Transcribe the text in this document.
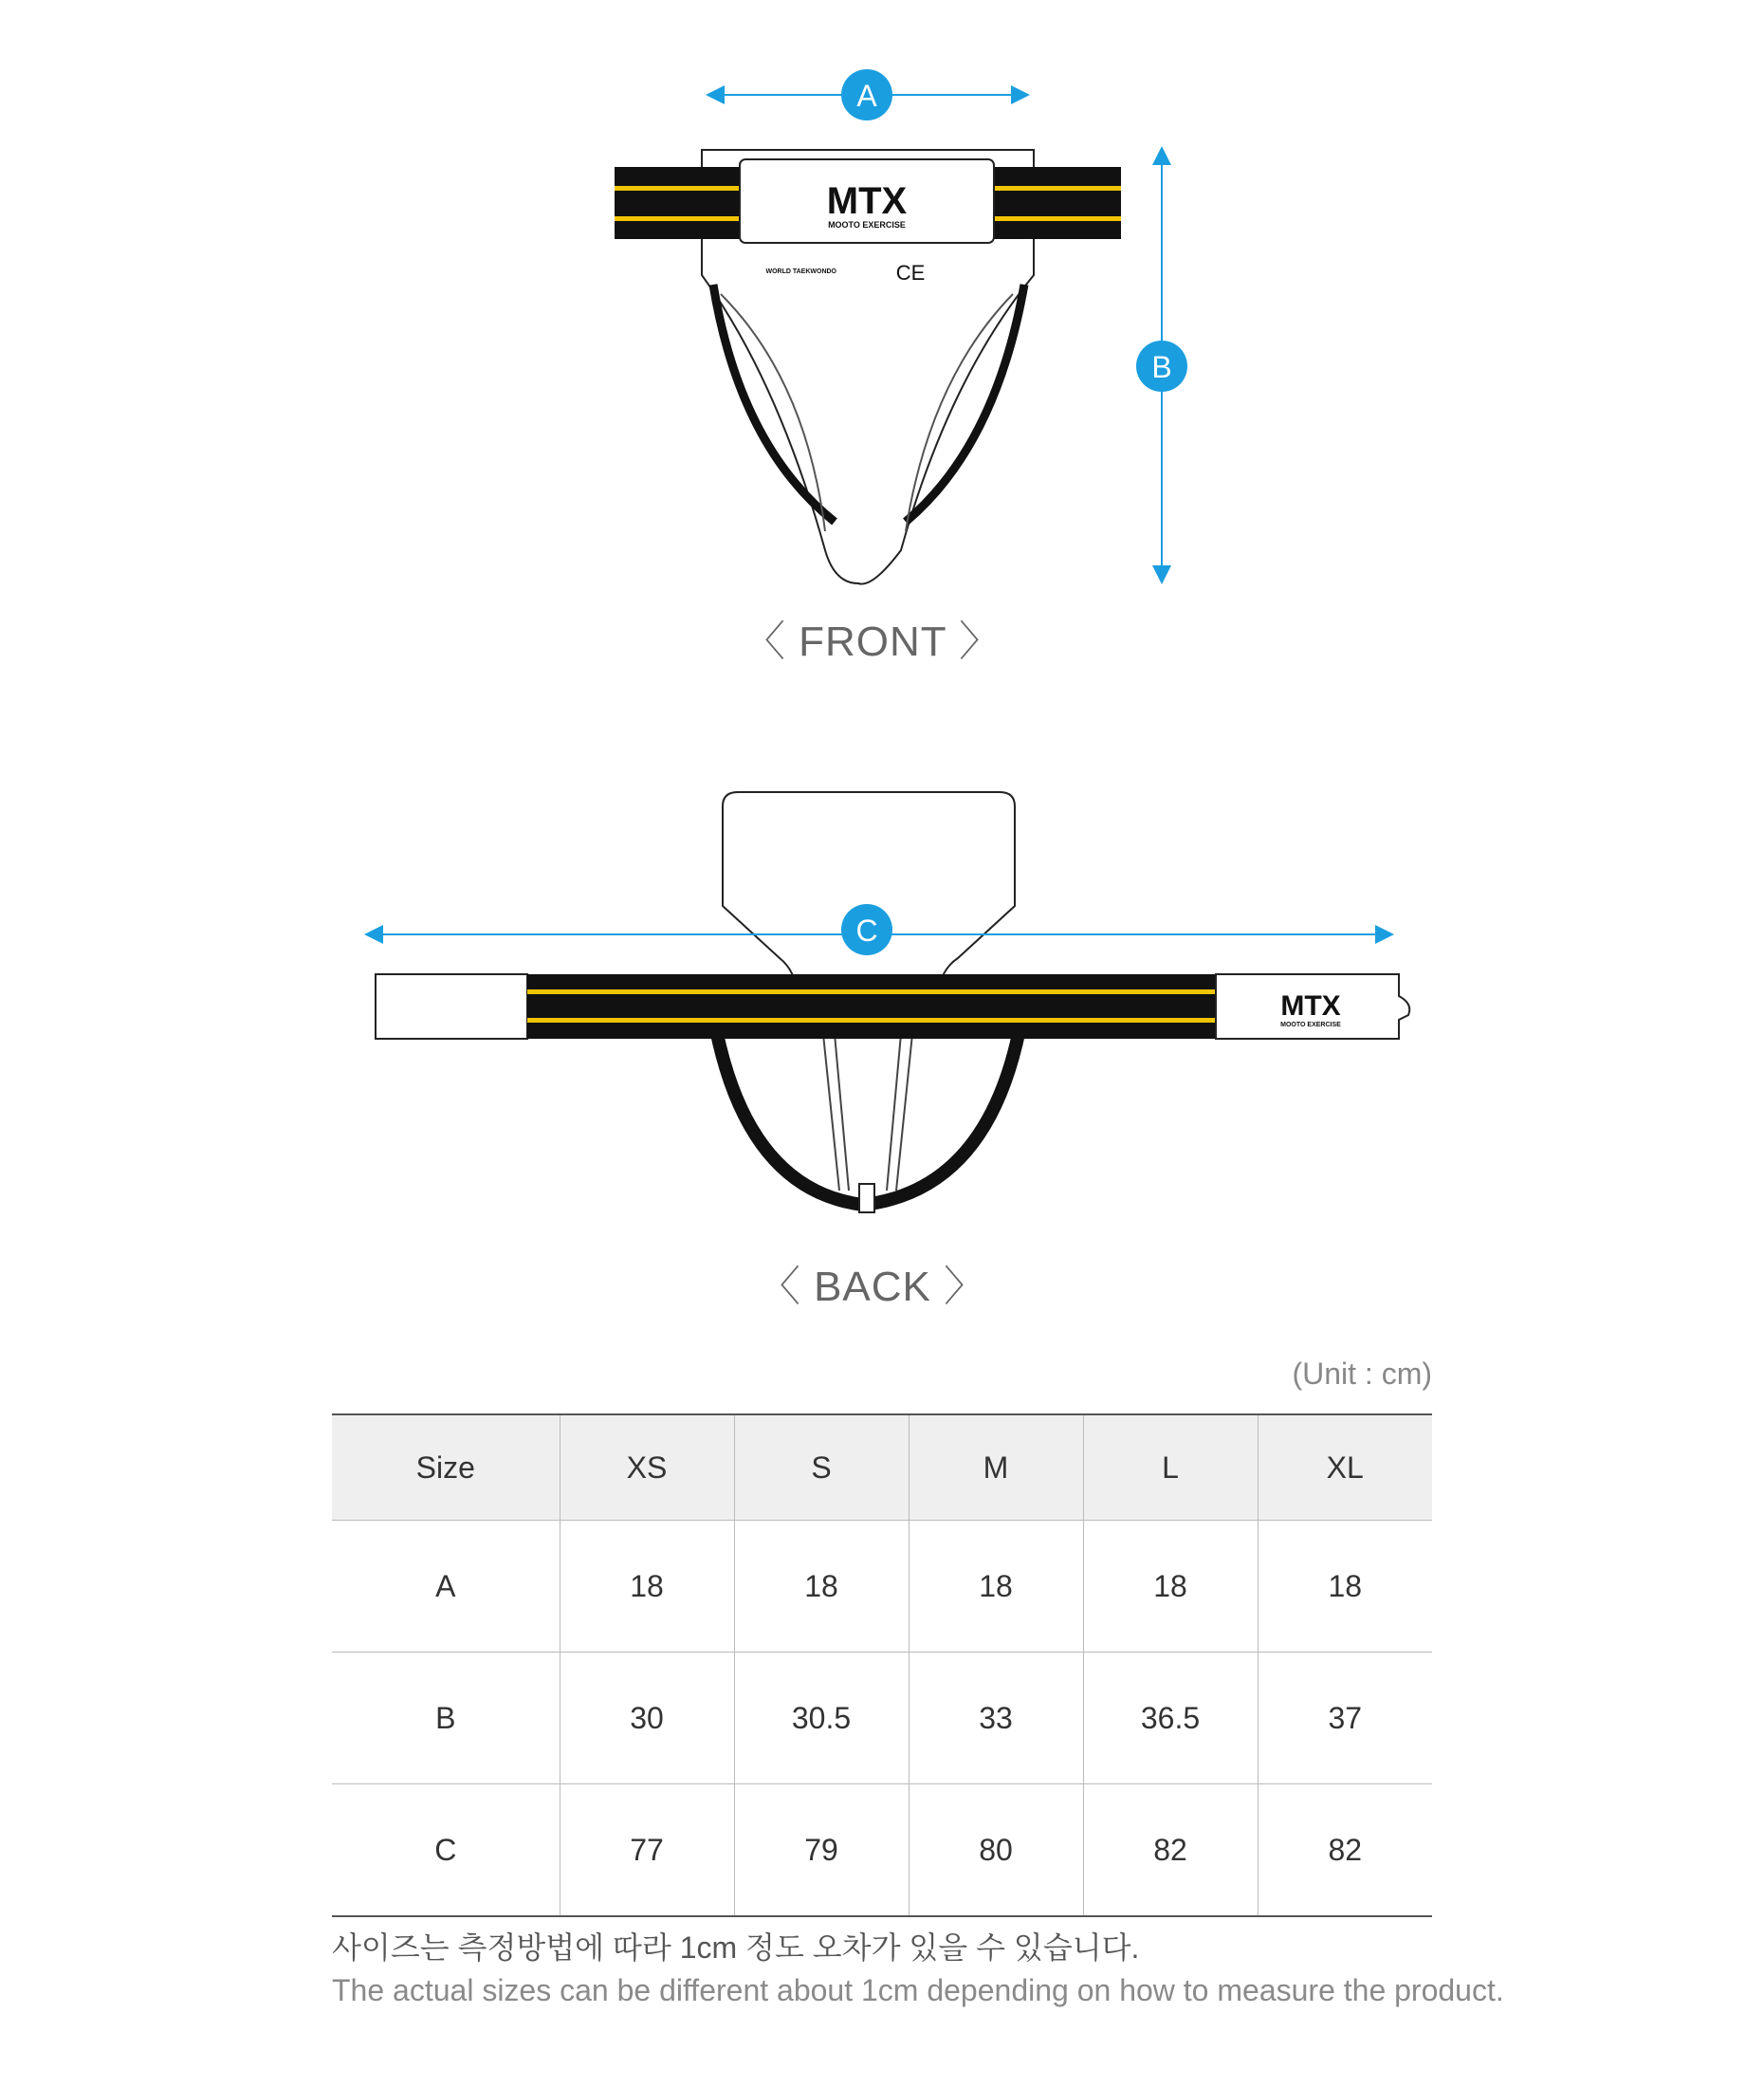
MTX
MOOTO EXERCISE
WORLD TAEKWONDO	CE
A
B
MTX
MOOTO EXERCISE
C
〈 FRONT 〉
〈 BACK 〉
(Unit : cm)
Size	XS	S	M	L	XL
A	18	18	18	18	18
B	30	30.5	33	36.5	37
C	77	79	80	82	82
사이즈는 측정방법에 따라 1cm 정도 오차가 있을 수 있습니다.
The actual sizes can be different about 1cm depending on how to measure the product.
